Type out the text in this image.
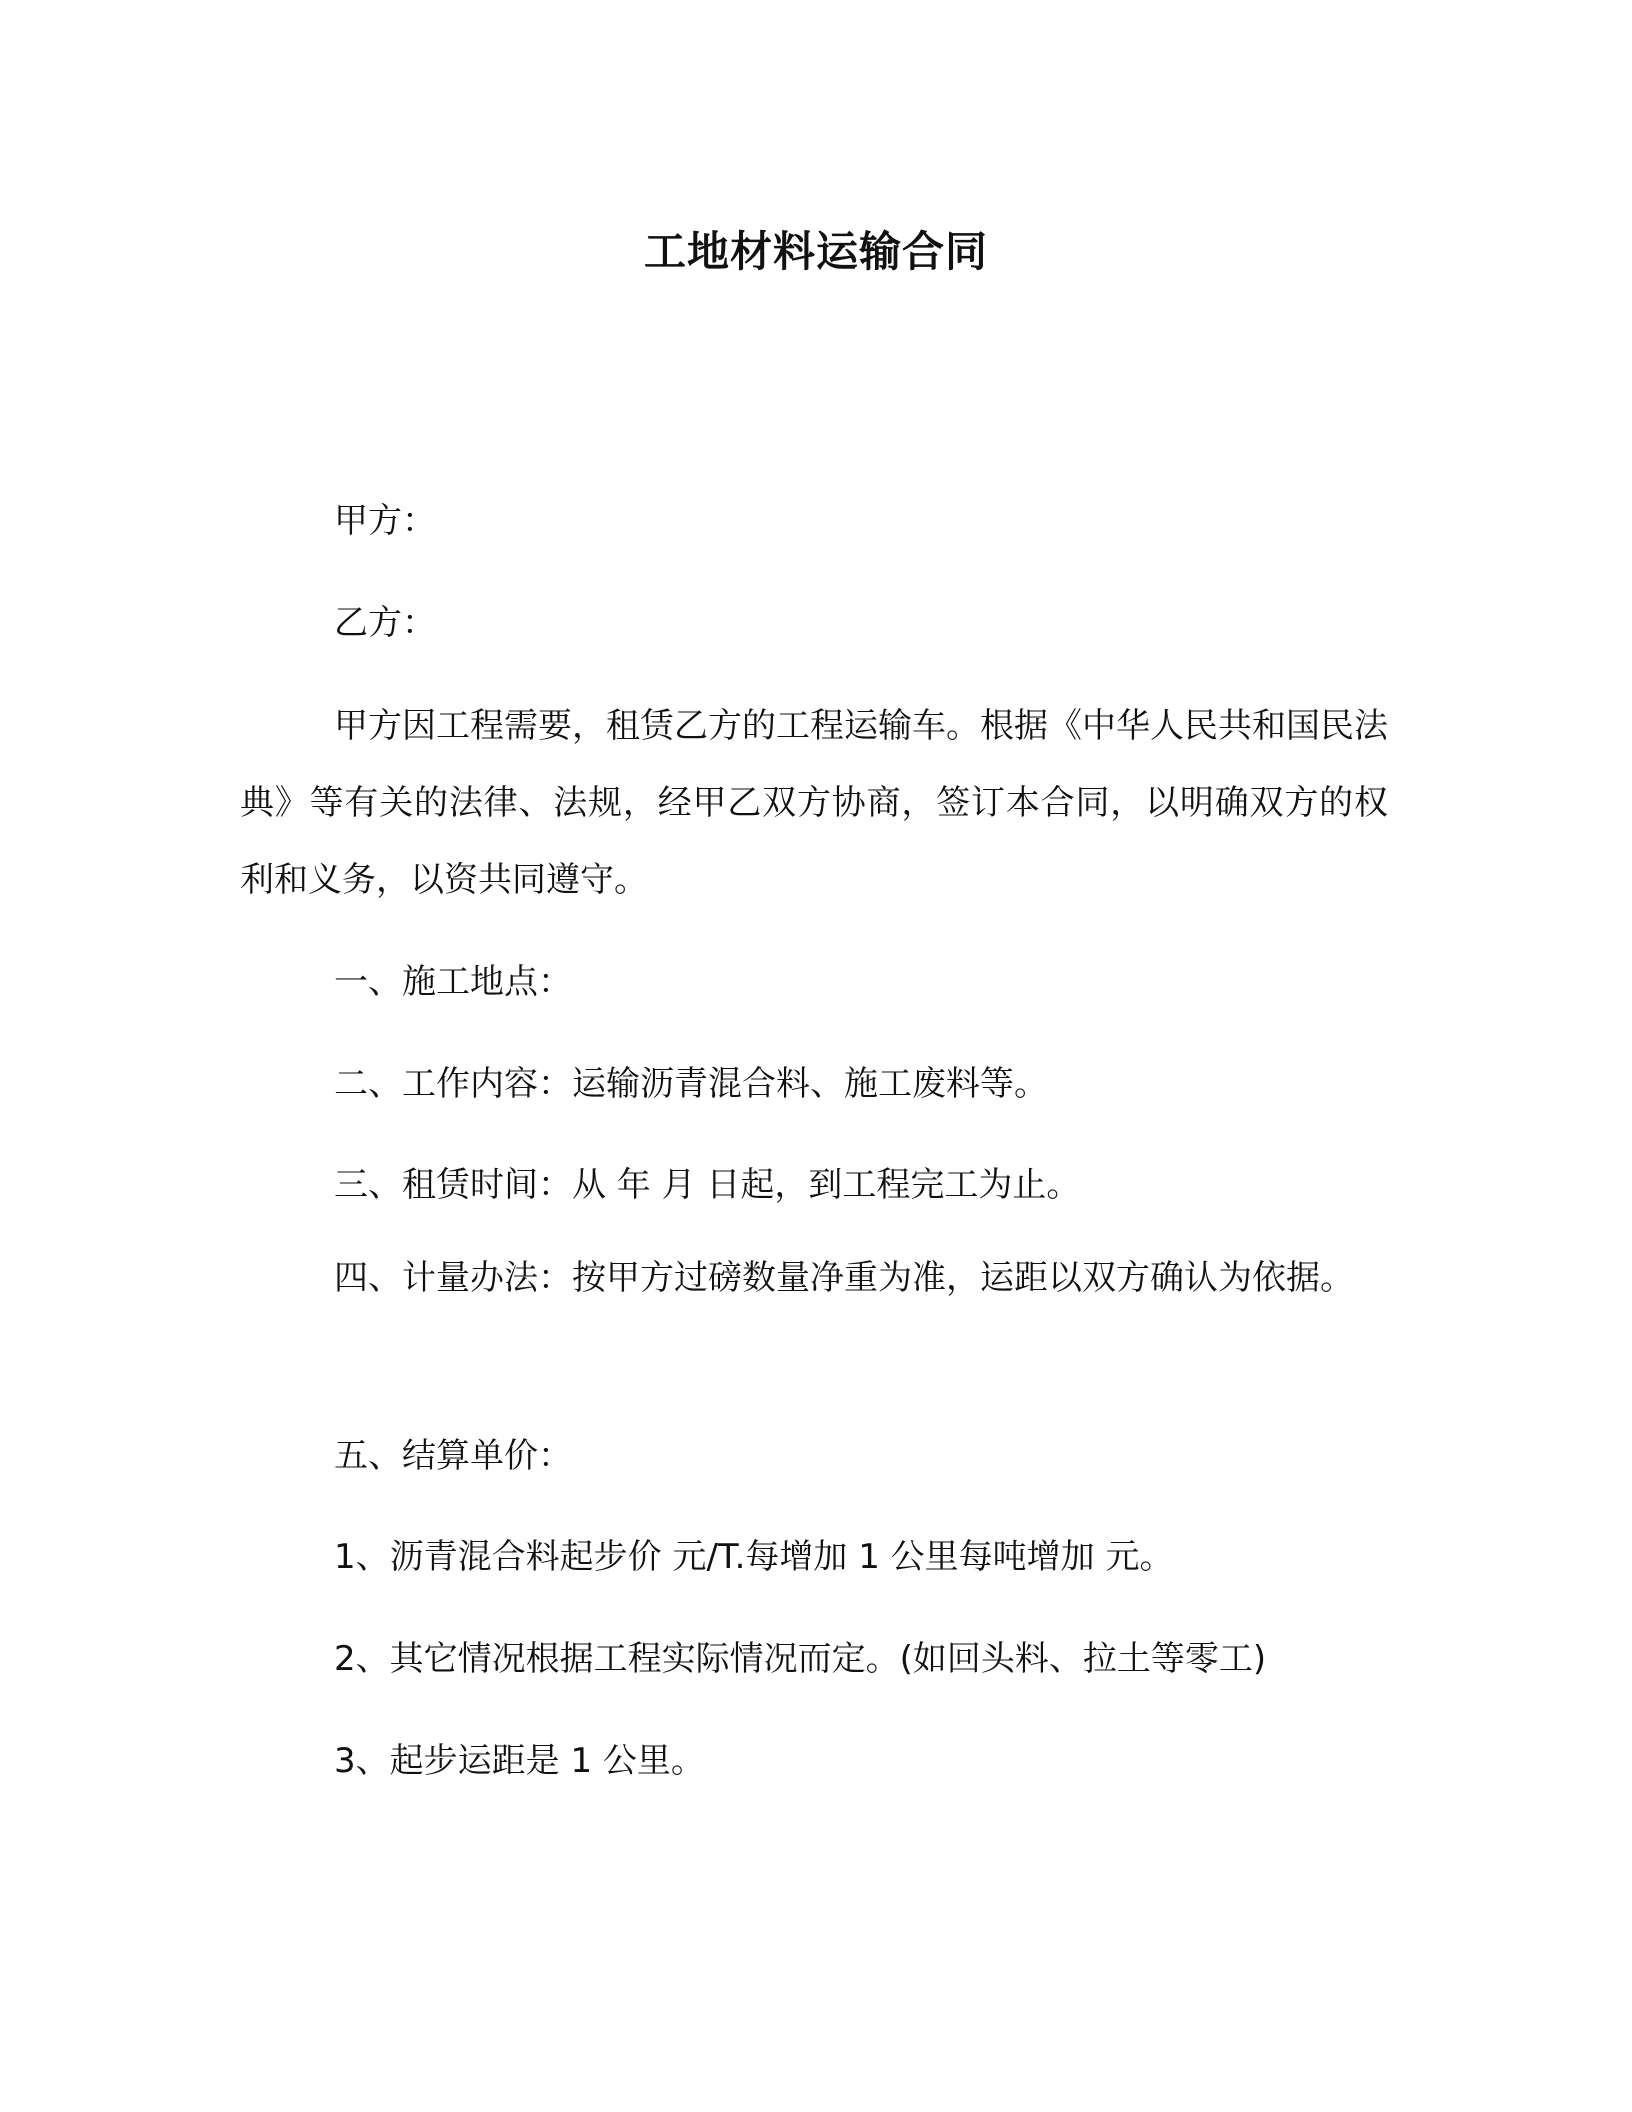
工地材料运输合同
甲方：
乙方：

甲方因工程需要，租赁乙方的工程运输车。根据《中华人民共和国民法典》等有关的法律、法规，经甲乙双方协商，签订本合同，以明确双方的权利和义务，以资共同遵守。

一、施工地点：
二、工作内容：运输沥青混合料、施工废料等。
三、租赁时间：从 年 月 日起，到工程完工为止。

四、计量办法：按甲方过磅数量净重为准，运距以双方确认为依据。

五、结算单价：
1、沥青混合料起步价 元/T.每增加 1 公里每吨增加 元。
2、其它情况根据工程实际情况而定。(如回头料、拉土等零工)
3、起步运距是 1 公里。
